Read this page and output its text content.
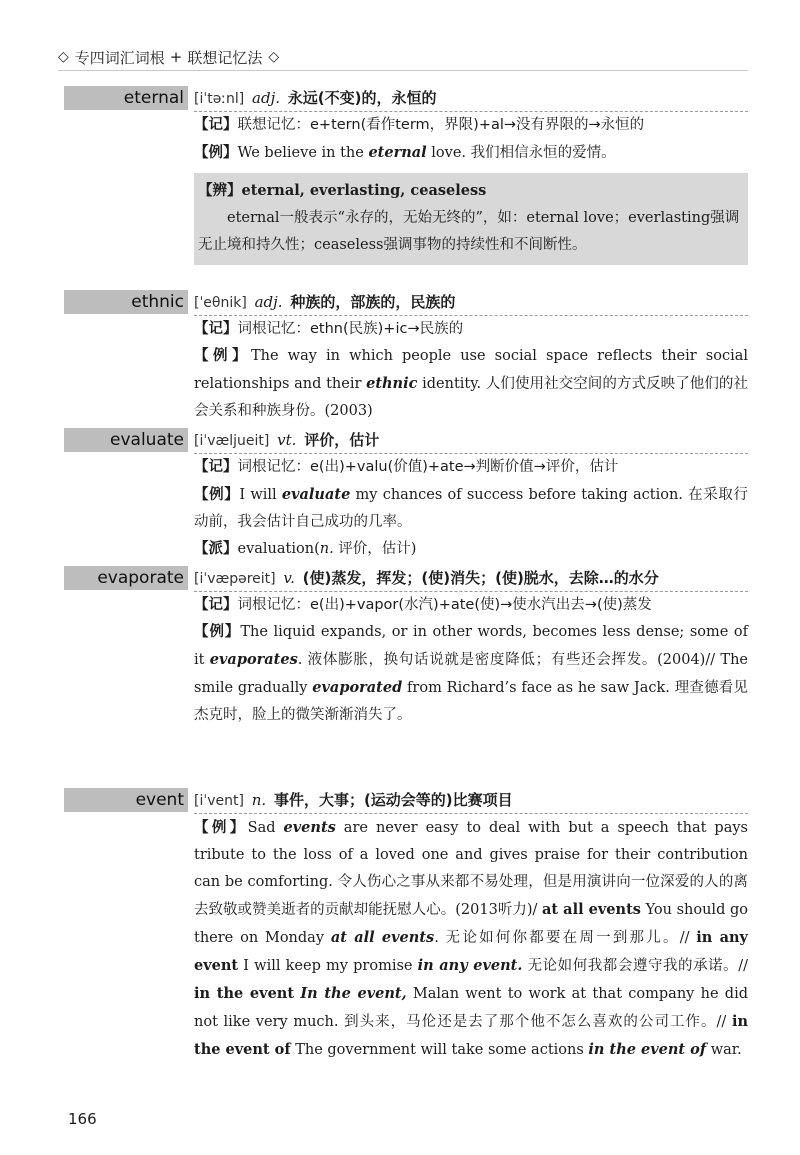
◇ 专四词汇词根 + 联想记忆法 ◇
eternal [iˈtəːnl] adj. 永远(不变)的，永恒的

【记】联想记忆：e+tern(看作term，界限)+al→没有界限的→永恒的

【例】We believe in the eternal love. 我们相信永恒的爱情。

【辨】eternal, everlasting, ceaseless

eternal一般表示“永存的，无始无终的”，如：eternal love；everlasting强调无止境和持久性；ceaseless强调事物的持续性和不间断性。

ethnic [ˈeθnik] adj. 种族的，部族的，民族的

【记】词根记忆：ethn(民族)+ic→民族的

【例】The way in which people use social space reflects their social relationships and their ethnic identity. 人们使用社交空间的方式反映了他们的社会关系和种族身份。(2003)

evaluate [iˈvæljueit] vt. 评价，估计

【记】词根记忆：e(出)+valu(价值)+ate→判断价值→评价，估计

【例】I will evaluate my chances of success before taking action. 在采取行动前，我会估计自己成功的几率。

【派】evaluation(n. 评价，估计)

evaporate [iˈvæpəreit] v. (使)蒸发，挥发；(使)消失；(使)脱水，去除…的水分

【记】词根记忆：e(出)+vapor(水汽)+ate(使)→使水汽出去→(使)蒸发

【例】The liquid expands, or in other words, becomes less dense; some of it evaporates. 液体膨胀，换句话说就是密度降低；有些还会挥发。(2004)// The smile gradually evaporated from Richard’s face as he saw Jack. 理查德看见杰克时，脸上的微笑渐渐消失了。

event [iˈvent] n. 事件，大事；(运动会等的)比赛项目

【例】Sad events are never easy to deal with but a speech that pays tribute to the loss of a loved one and gives praise for their contribution can be comforting. 令人伤心之事从来都不易处理，但是用演讲向一位深爱的人的离去致敬或赞美逝者的贡献却能抚慰人心。(2013听力)/ at all events You should go there on Monday at all events. 无论如何你都要在周一到那儿。// in any event I will keep my promise in any event. 无论如何我都会遵守我的承诺。// in the event In the event, Malan went to work at that company he did not like very much. 到头来，马伦还是去了那个他不怎么喜欢的公司工作。// in the event of The government will take some actions in the event of war.

166
